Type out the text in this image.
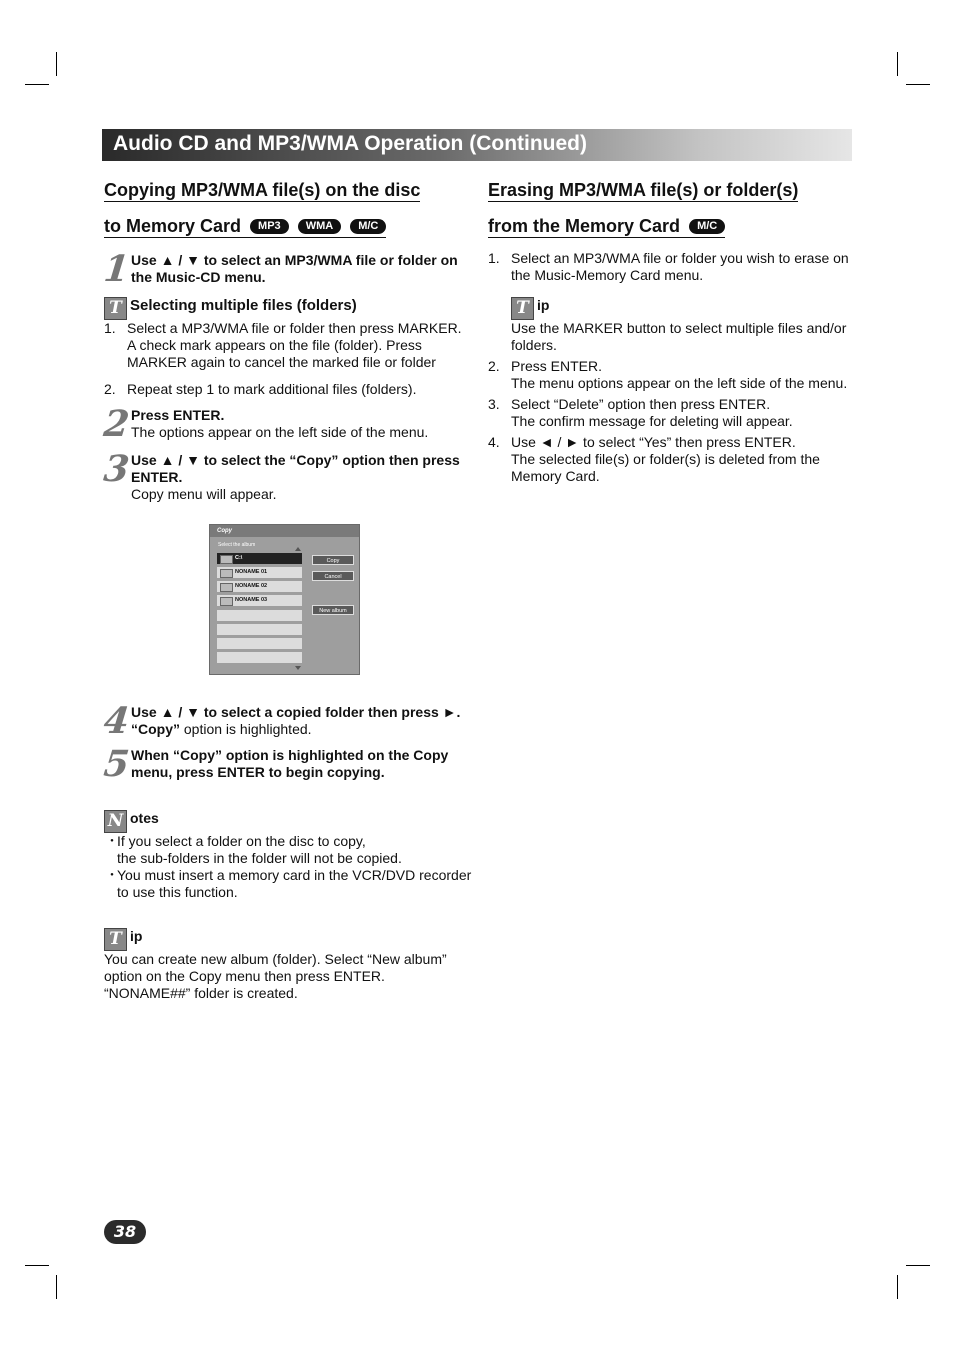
Audio CD and MP3/WMA Operation (Continued)
Copying MP3/WMA file(s) on the disc
to Memory Card MP3 WMA M/C
1 Use ▲ / ▼ to select an MP3/WMA file or folder on the Music-CD menu.
T Selecting multiple files (folders)
1. Select a MP3/WMA file or folder then press MARKER.
A check mark appears on the file (folder). Press MARKER again to cancel the marked file or folder
2. Repeat step 1 to mark additional files (folders).
2 Press ENTER.
The options appear on the left side of the menu.
3 Use ▲ / ▼ to select the “Copy” option then press ENTER.
Copy menu will appear.
Copy
Select the album
C:\
NONAME 01
NONAME 02
NONAME 03
Copy
Cancel
New album
4 Use ▲ / ▼ to select a copied folder then press ►.
“Copy” option is highlighted.
5 When “Copy” option is highlighted on the Copy menu, press ENTER to begin copying.
N otes
・
If you select a folder on the disc to copy,
the sub-folders in the folder will not be copied.
・
You must insert a memory card in the VCR/DVD recorder to use this function.
T ip
You can create new album (folder). Select “New album” option on the Copy menu then press ENTER.
“NONAME##” folder is created.
Erasing MP3/WMA file(s) or folder(s)
from the Memory Card M/C
1. Select an MP3/WMA file or folder you wish to erase on the Music-Memory Card menu.
T ip
Use the MARKER button to select multiple files and/or folders.
2. Press ENTER.
The menu options appear on the left side of the menu.
3. Select “Delete” option then press ENTER.
The confirm message for deleting will appear.
4. Use ◄ / ► to select “Yes” then press ENTER.
The selected file(s) or folder(s) is deleted from the Memory Card.
38
